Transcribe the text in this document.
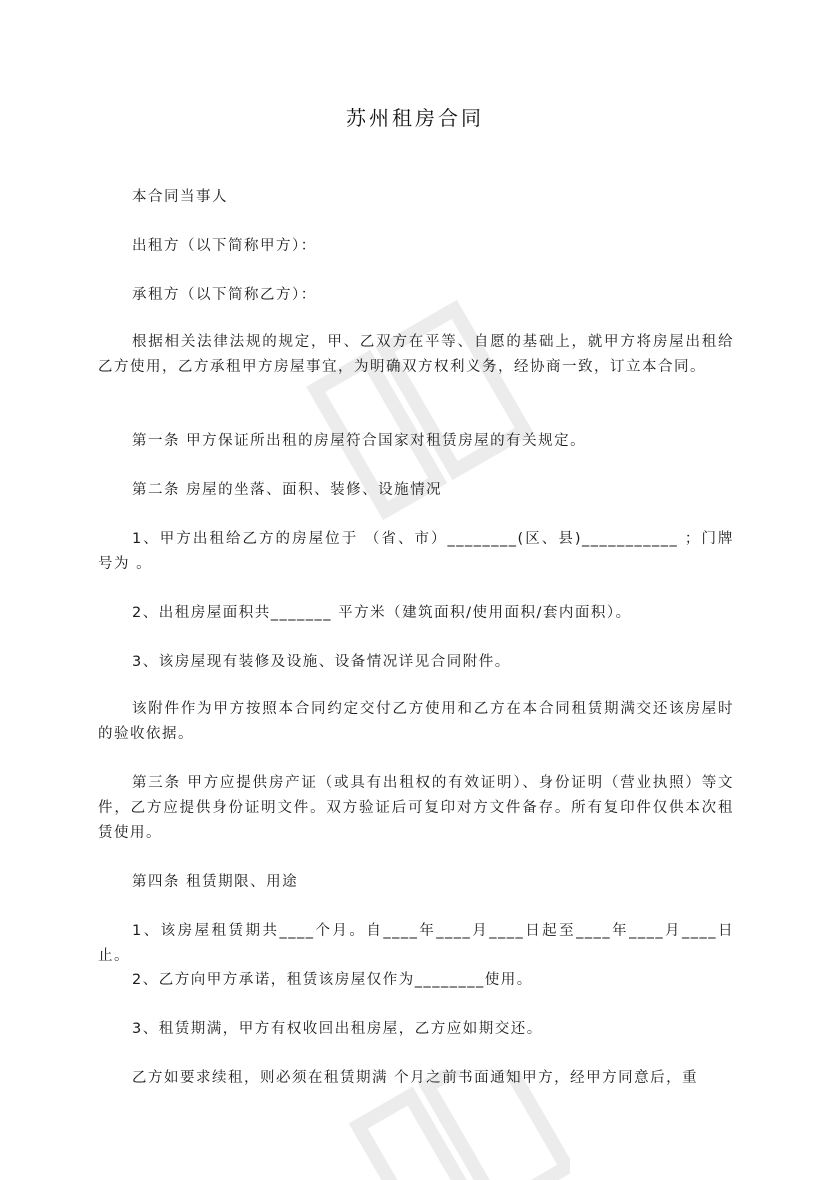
苏州租房合同

本合同当事人

出租方（以下简称甲方）：

承租方（以下简称乙方）：

根据相关法律法规的规定，甲、乙双方在平等、自愿的基础上，就甲方将房屋出租给乙方使用，乙方承租甲方房屋事宜，为明确双方权利义务，经协商一致，订立本合同。

第一条 甲方保证所出租的房屋符合国家对租赁房屋的有关规定。

第二条 房屋的坐落、面积、装修、设施情况

1、甲方出租给乙方的房屋位于 （省、市）________(区、县)___________ ；门牌号为 。

2、出租房屋面积共_______ 平方米（建筑面积/使用面积/套内面积）。

3、该房屋现有装修及设施、设备情况详见合同附件。

该附件作为甲方按照本合同约定交付乙方使用和乙方在本合同租赁期满交还该房屋时的验收依据。

第三条 甲方应提供房产证（或具有出租权的有效证明）、身份证明（营业执照）等文件，乙方应提供身份证明文件。双方验证后可复印对方文件备存。所有复印件仅供本次租赁使用。

第四条 租赁期限、用途

1、该房屋租赁期共____个月。自____年____月____日起至____年____月____日止。

2、乙方向甲方承诺，租赁该房屋仅作为________使用。

3、租赁期满，甲方有权收回出租房屋，乙方应如期交还。

乙方如要求续租，则必须在租赁期满 个月之前书面通知甲方，经甲方同意后，重
